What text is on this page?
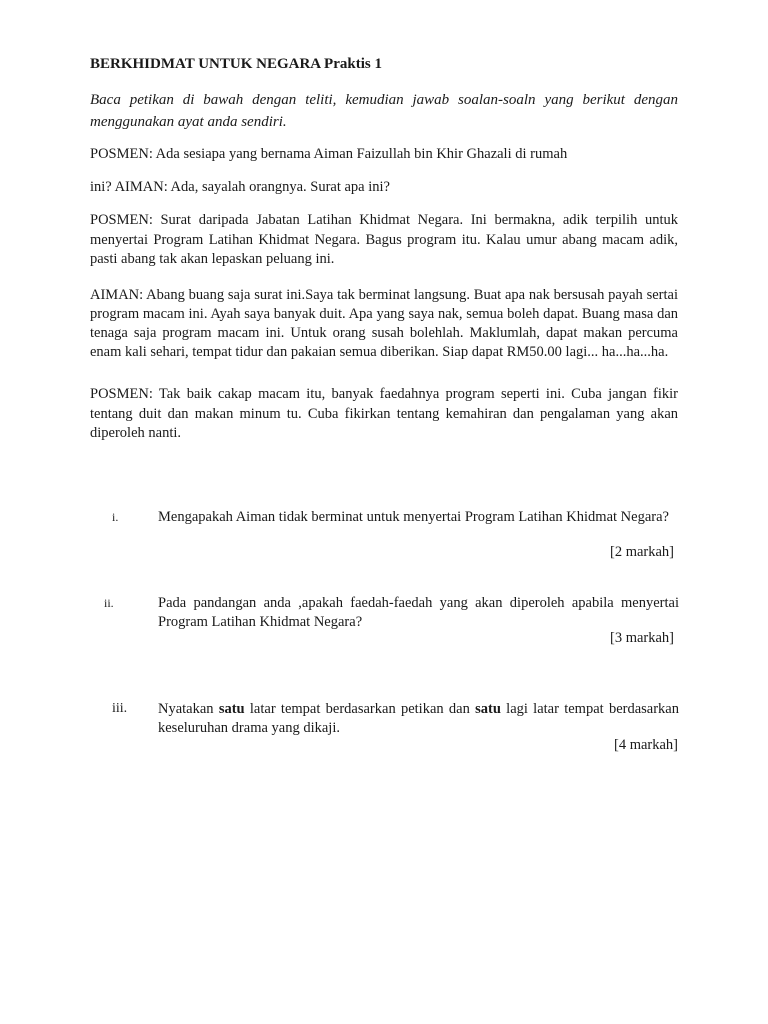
BERKHIDMAT UNTUK NEGARA Praktis 1

Baca petikan di bawah dengan teliti, kemudian jawab soalan-soaln yang berikut dengan menggunakan ayat anda sendiri.

POSMEN: Ada sesiapa yang bernama Aiman Faizullah bin Khir Ghazali di rumah

ini? AIMAN: Ada, sayalah orangnya. Surat apa ini?

POSMEN: Surat daripada Jabatan Latihan Khidmat Negara. Ini bermakna, adik terpilih untuk menyertai Program Latihan Khidmat Negara. Bagus program itu. Kalau umur abang macam adik, pasti abang tak akan lepaskan peluang ini.

AIMAN: Abang buang saja surat ini.Saya tak berminat langsung. Buat apa nak bersusah payah sertai program macam ini. Ayah saya banyak duit. Apa yang saya nak, semua boleh dapat. Buang masa dan tenaga saja program macam ini. Untuk orang susah bolehlah. Maklumlah, dapat makan percuma enam kali sehari, tempat tidur dan pakaian semua diberikan. Siap dapat RM50.00 lagi... ha...ha...ha.

POSMEN: Tak baik cakap macam itu, banyak faedahnya program seperti ini. Cuba jangan fikir tentang duit dan makan minum tu. Cuba fikirkan tentang kemahiran dan pengalaman yang akan diperoleh nanti.

i.	Mengapakah Aiman tidak berminat untuk menyertai Program Latihan Khidmat Negara?

[2 markah]
ii.	Pada pandangan anda ,apakah faedah-faedah yang akan diperoleh apabila menyertai Program Latihan Khidmat Negara?

[3 markah]
iii. Nyatakan satu latar tempat berdasarkan petikan dan satu lagi latar tempat berdasarkan keseluruhan drama yang dikaji.

[4 markah]
